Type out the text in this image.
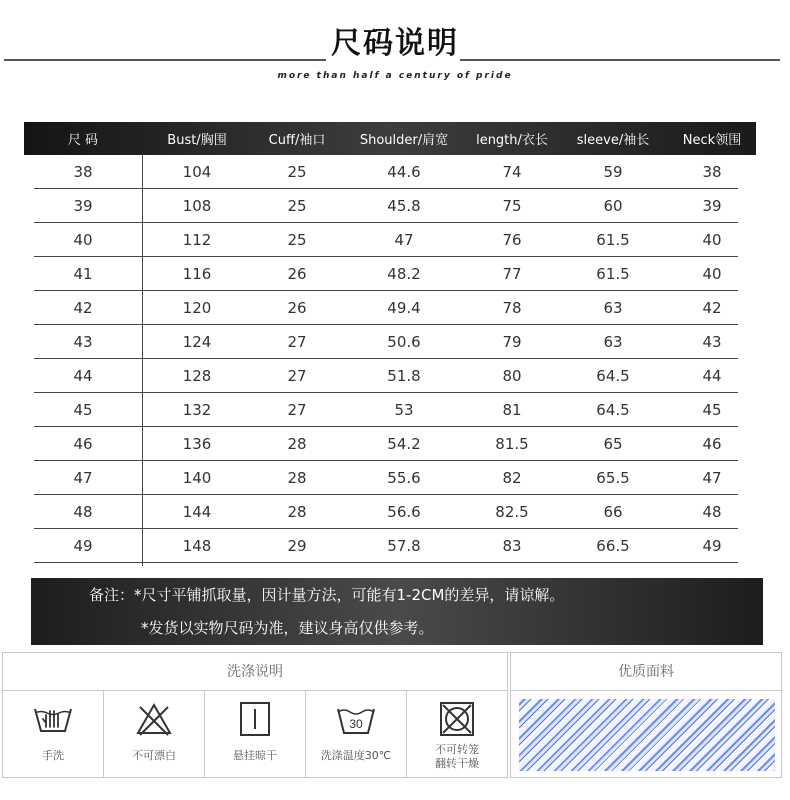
尺码说明
more than half a century of pride
尺 码	Bust/胸围	Cuff/袖口	Shoulder/肩宽	length/衣长	sleeve/袖长	Neck领围
38	104	25	44.6	74	59	38
39	108	25	45.8	75	60	39
40	112	25	47	76	61.5	40
41	116	26	48.2	77	61.5	40
42	120	26	49.4	78	63	42
43	124	27	50.6	79	63	43
44	128	27	51.8	80	64.5	44
45	132	27	53	81	64.5	45
46	136	28	54.2	81.5	65	46
47	140	28	55.6	82	65.5	47
48	144	28	56.6	82.5	66	48
49	148	29	57.8	83	66.5	49
备注：*尺寸平铺抓取量，因计量方法，可能有1-2CM的差异，请谅解。
*发货以实物尺码为准，建议身高仅供参考。
洗涤说明
手洗	不可漂白	悬挂晾干
30
洗涤温度30℃	不可转笼
翻转干燥
优质面料
